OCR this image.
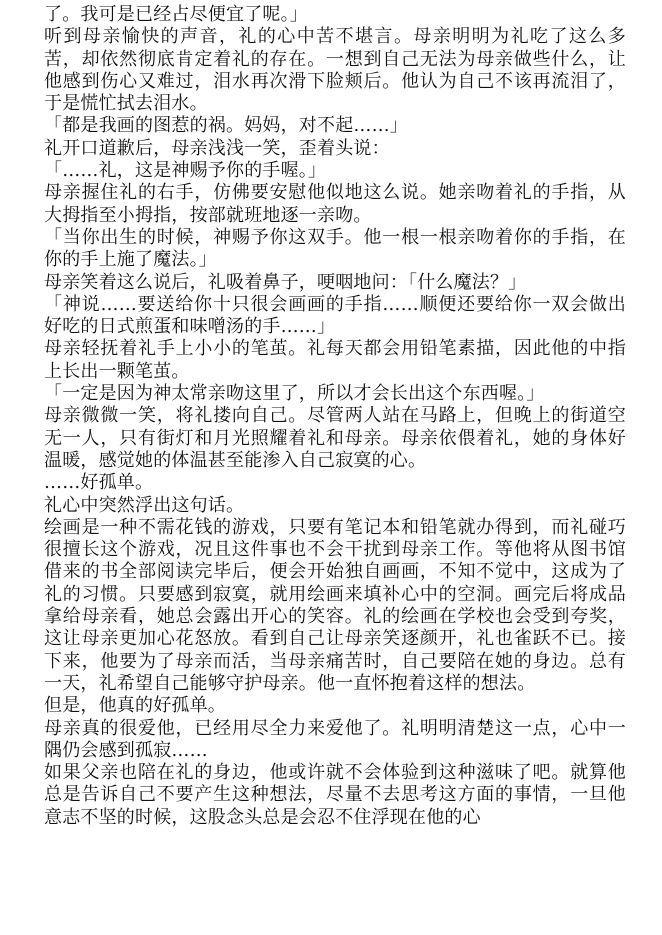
了。我可是已经占尽便宜了呢。」

听到母亲愉快的声音，礼的心中苦不堪言。母亲明明为礼吃了这么多苦，却依然彻底肯定着礼的存在。一想到自己无法为母亲做些什么，让他感到伤心又难过，泪水再次滑下脸颊后。他认为自己不该再流泪了，于是慌忙拭去泪水。

「都是我画的图惹的祸。妈妈，对不起……」

礼开口道歉后，母亲浅浅一笑，歪着头说：

「……礼，这是神赐予你的手喔。」

母亲握住礼的右手，仿佛要安慰他似地这么说。她亲吻着礼的手指，从大拇指至小拇指，按部就班地逐一亲吻。

「当你出生的时候，神赐予你这双手。他一根一根亲吻着你的手指，在你的手上施了魔法。」

母亲笑着这么说后，礼吸着鼻子，哽咽地问：「什么魔法？」

「神说……要送给你十只很会画画的手指……顺便还要给你一双会做出好吃的日式煎蛋和味噌汤的手……」

母亲轻抚着礼手上小小的笔茧。礼每天都会用铅笔素描，因此他的中指上长出一颗笔茧。

「一定是因为神太常亲吻这里了，所以才会长出这个东西喔。」

母亲微微一笑，将礼搂向自己。尽管两人站在马路上，但晚上的街道空无一人，只有街灯和月光照耀着礼和母亲。母亲依偎着礼，她的身体好温暖，感觉她的体温甚至能渗入自己寂寞的心。

……好孤单。

礼心中突然浮出这句话。

绘画是一种不需花钱的游戏，只要有笔记本和铅笔就办得到，而礼碰巧很擅长这个游戏，况且这件事也不会干扰到母亲工作。等他将从图书馆借来的书全部阅读完毕后，便会开始独自画画，不知不觉中，这成为了礼的习惯。只要感到寂寞，就用绘画来填补心中的空洞。画完后将成品拿给母亲看，她总会露出开心的笑容。礼的绘画在学校也会受到夸奖，这让母亲更加心花怒放。看到自己让母亲笑逐颜开，礼也雀跃不已。接下来，他要为了母亲而活，当母亲痛苦时，自己要陪在她的身边。总有一天，礼希望自己能够守护母亲。他一直怀抱着这样的想法。

但是，他真的好孤单。

母亲真的很爱他，已经用尽全力来爱他了。礼明明清楚这一点，心中一隅仍会感到孤寂……

如果父亲也陪在礼的身边，他或许就不会体验到这种滋味了吧。就算他总是告诉自己不要产生这种想法，尽量不去思考这方面的事情，一旦他意志不坚的时候，这股念头总是会忍不住浮现在他的心
